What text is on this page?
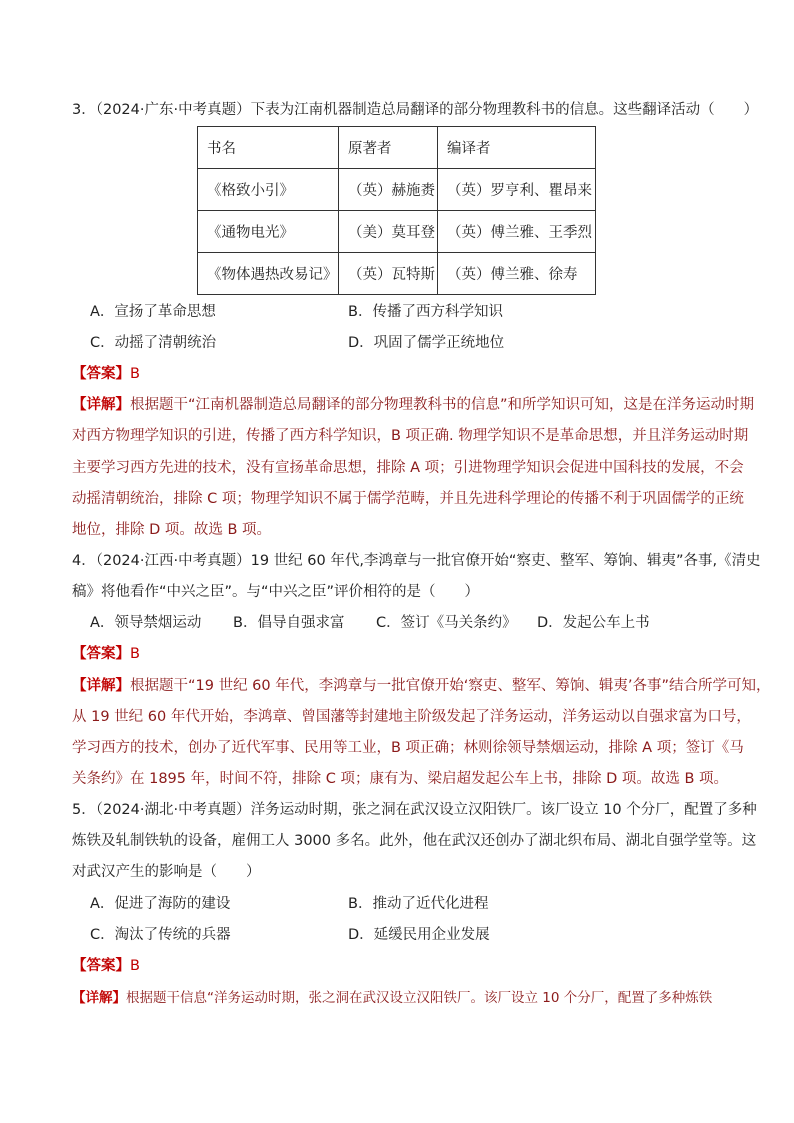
3．（2024·广东·中考真题）下表为江南机器制造总局翻译的部分物理教科书的信息。这些翻译活动（　　）
书名	原著者	编译者
《格致小引》	（英）赫施赉	（英）罗亨利、瞿昂来
《通物电光》	（美）莫耳登	（英）傅兰雅、王季烈
《物体遇热改易记》	（英）瓦特斯	（英）傅兰雅、徐寿
A．宣扬了革命思想	B．传播了西方科学知识
C．动摇了清朝统治	D．巩固了儒学正统地位
【答案】B
【详解】根据题干“江南机器制造总局翻译的部分物理教科书的信息”和所学知识可知，这是在洋务运动时期
对西方物理学知识的引进，传播了西方科学知识，B 项正确. 物理学知识不是革命思想，并且洋务运动时期
主要学习西方先进的技术，没有宣扬革命思想，排除 A 项；引进物理学知识会促进中国科技的发展，不会
动摇清朝统治，排除 C 项；物理学知识不属于儒学范畴，并且先进科学理论的传播不利于巩固儒学的正统
地位，排除 D 项。故选 B 项。
4．（2024·江西·中考真题）19 世纪 60 年代,李鸿章与一批官僚开始“察吏、整军、筹饷、辑夷”各事,《清史
稿》将他看作“中兴之臣”。与“中兴之臣”评价相符的是（　　）
A．领导禁烟运动 B．倡导自强求富 C．签订《马关条约》 D．发起公车上书
【答案】B
【详解】根据题干“19 世纪 60 年代，李鸿章与一批官僚开始‘察吏、整军、筹饷、辑夷’各事”结合所学可知，
从 19 世纪 60 年代开始，李鸿章、曾国藩等封建地主阶级发起了洋务运动，洋务运动以自强求富为口号，
学习西方的技术，创办了近代军事、民用等工业，B 项正确；林则徐领导禁烟运动，排除 A 项；签订《马
关条约》在 1895 年，时间不符，排除 C 项；康有为、梁启超发起公车上书，排除 D 项。故选 B 项。
5．（2024·湖北·中考真题）洋务运动时期，张之洞在武汉设立汉阳铁厂。该厂设立 10 个分厂，配置了多种
炼铁及轧制铁轨的设备，雇佣工人 3000 多名。此外，他在武汉还创办了湖北织布局、湖北自强学堂等。这
对武汉产生的影响是（　　）
A．促进了海防的建设	B．推动了近代化进程
C．淘汰了传统的兵器	D．延缓民用企业发展
【答案】B
【详解】根据题干信息“洋务运动时期，张之洞在武汉设立汉阳铁厂。该厂设立 10 个分厂，配置了多种炼铁
